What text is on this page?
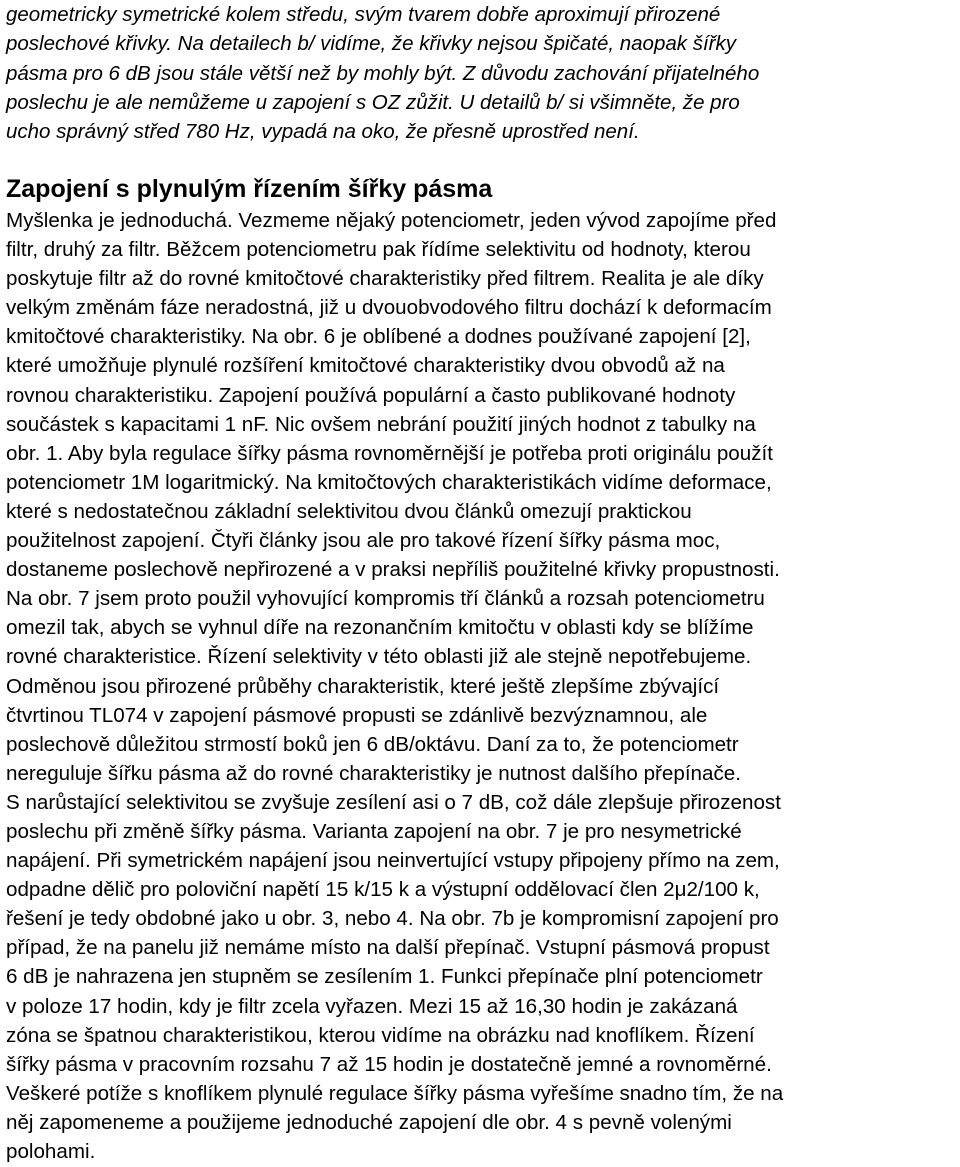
geometricky symetrické kolem středu, svým tvarem dobře aproximují přirozené
poslechové křivky. Na detailech b/ vidíme, že křivky nejsou špičaté, naopak šířky
pásma pro 6 dB jsou stále větší než by mohly být. Z důvodu zachování přijatelného
poslechu je ale nemůžeme u zapojení s OZ zůžit. U detailů b/ si všimněte, že pro
ucho správný střed 780 Hz, vypadá na oko, že přesně uprostřed není.

Zapojení s plynulým řízením šířky pásma

Myšlenka je jednoduchá. Vezmeme nějaký potenciometr, jeden vývod zapojíme před
filtr, druhý za filtr. Běžcem potenciometru pak řídíme selektivitu od hodnoty, kterou
poskytuje filtr až do rovné kmitočtové charakteristiky před filtrem. Realita je ale díky
velkým změnám fáze neradostná, již u dvouobvodového filtru dochází k deformacím
kmitočtové charakteristiky. Na obr. 6 je oblíbené a dodnes používané zapojení [2],
které umožňuje plynulé rozšíření kmitočtové charakteristiky dvou obvodů až na
rovnou charakteristiku. Zapojení používá populární a často publikované hodnoty
součástek s kapacitami 1 nF. Nic ovšem nebrání použití jiných hodnot z tabulky na
obr. 1. Aby byla regulace šířky pásma rovnoměrnější je potřeba proti originálu použít
potenciometr 1M logaritmický. Na kmitočtových charakteristikách vidíme deformace,
které s nedostatečnou základní selektivitou dvou článků omezují praktickou
použitelnost zapojení. Čtyři články jsou ale pro takové řízení šířky pásma moc,
dostaneme poslechově nepřirozené a v praksi nepříliš použitelné křivky propustnosti.
Na obr. 7 jsem proto použil vyhovující kompromis tří článků a rozsah potenciometru
omezil tak, abych se vyhnul díře na rezonančním kmitočtu v oblasti kdy se blížíme
rovné charakteristice. Řízení selektivity v této oblasti již ale stejně nepotřebujeme.
Odměnou jsou přirozené průběhy charakteristik, které ještě zlepšíme zbývající
čtvrtinou TL074 v zapojení pásmové propusti se zdánlivě bezvýznamnou, ale
poslechově důležitou strmostí boků jen 6 dB/oktávu. Daní za to, že potenciometr
nereguluje šířku pásma až do rovné charakteristiky je nutnost dalšího přepínače.
S narůstající selektivitou se zvyšuje zesílení asi o 7 dB, což dále zlepšuje přirozenost
poslechu při změně šířky pásma. Varianta zapojení na obr. 7 je pro nesymetrické
napájení. Při symetrickém napájení jsou neinvertující vstupy připojeny přímo na zem,
odpadne dělič pro poloviční napětí 15 k/15 k a výstupní oddělovací člen 2μ2/100 k,
řešení je tedy obdobné jako u obr. 3, nebo 4. Na obr. 7b je kompromisní zapojení pro
případ, že na panelu již nemáme místo na další přepínač. Vstupní pásmová propust
6 dB je nahrazena jen stupněm se zesílením 1. Funkci přepínače plní potenciometr
v poloze 17 hodin, kdy je filtr zcela vyřazen. Mezi 15 až 16,30 hodin je zakázaná
zóna se špatnou charakteristikou, kterou vidíme na obrázku nad knoflíkem. Řízení
šířky pásma v pracovním rozsahu 7 až 15 hodin je dostatečně jemné a rovnoměrné.
Veškeré potíže s knoflíkem plynulé regulace šířky pásma vyřešíme snadno tím, že na
něj zapomeneme a použijeme jednoduché zapojení dle obr. 4 s pevně volenými
polohami.
